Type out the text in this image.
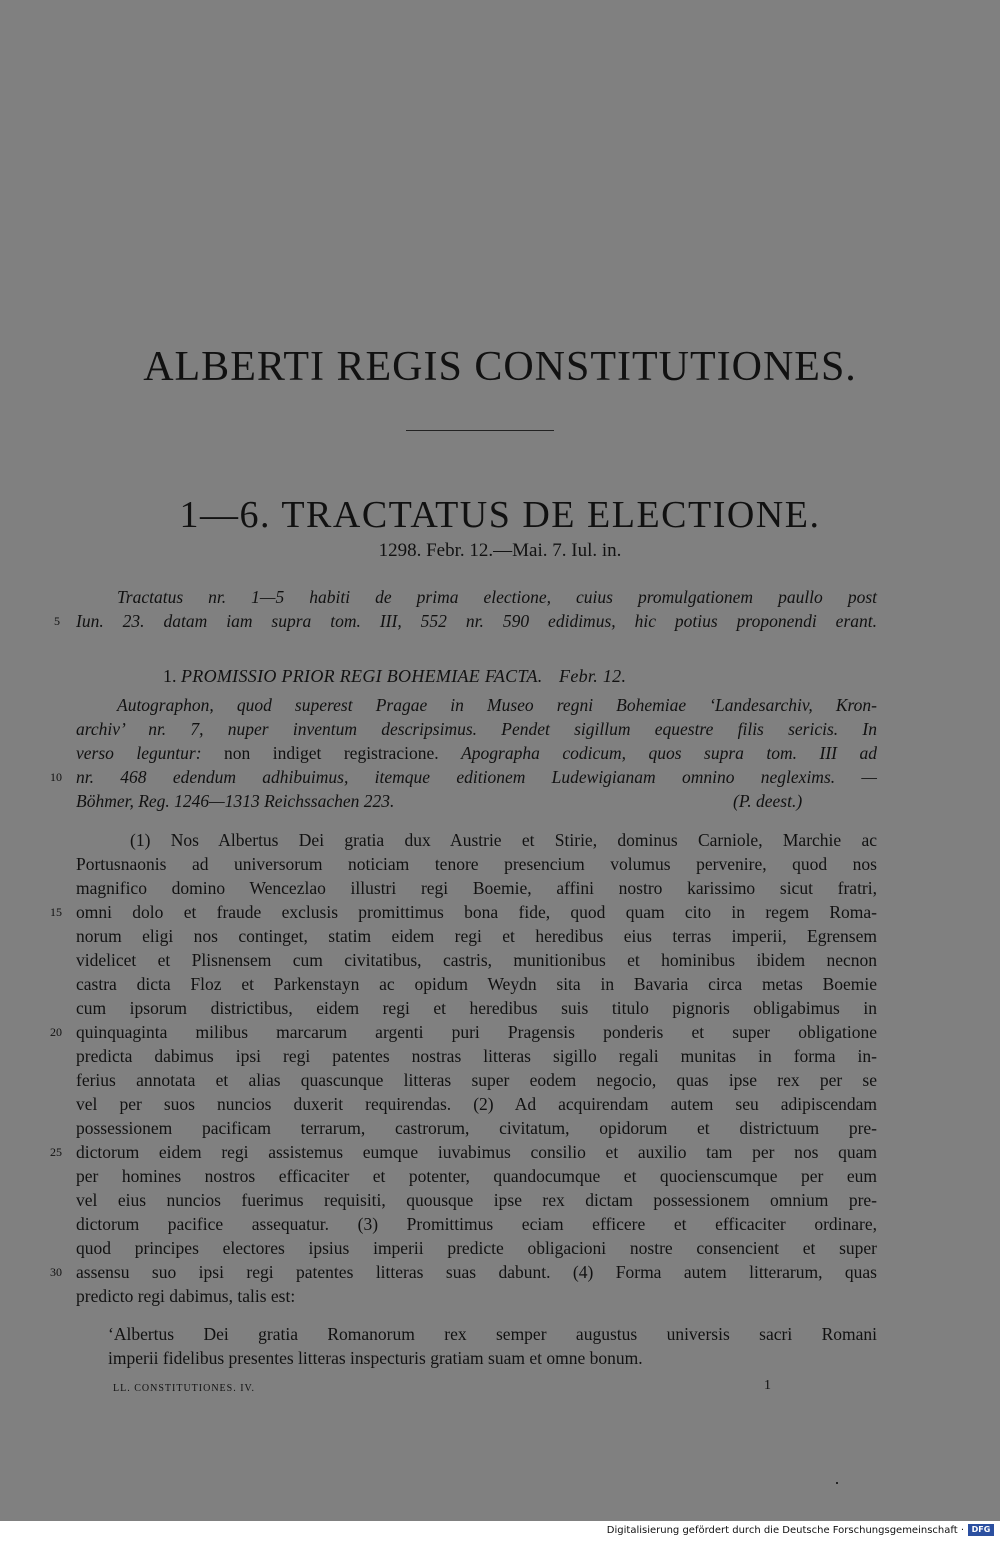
ALBERTI REGIS CONSTITUTIONES.
1—6. TRACTATUS DE ELECTIONE.
1298. Febr. 12.—Mai. 7. Iul. in.
Tractatus nr. 1—5 habiti de prima electione, cuius promulgationem paullo post
Iun. 23. datam iam supra tom. III, 552 nr. 590 edidimus, hic potius proponendi erant.
1. PROMISSIO PRIOR REGI BOHEMIAE FACTA. Febr. 12.
Autographon, quod superest Pragae in Museo regni Bohemiae ‘Landesarchiv, Kron-
archiv’ nr. 7, nuper inventum descripsimus. Pendet sigillum equestre filis sericis. In
verso leguntur: non indiget registracione. Apographa codicum, quos supra tom. III ad
nr. 468 edendum adhibuimus, itemque editionem Ludewigianam omnino neglexims. —
Böhmer, Reg. 1246—1313 Reichssachen 223.	(P. deest.)
(1) Nos Albertus Dei gratia dux Austrie et Stirie, dominus Carniole, Marchie ac
Portusnaonis ad universorum noticiam tenore presencium volumus pervenire, quod nos
magnifico domino Wencezlao illustri regi Boemie, affini nostro karissimo sicut fratri,
omni dolo et fraude exclusis promittimus bona fide, quod quam cito in regem Roma-
norum eligi nos continget, statim eidem regi et heredibus eius terras imperii, Egrensem
videlicet et Plisnensem cum civitatibus, castris, munitionibus et hominibus ibidem necnon
castra dicta Floz et Parkenstayn ac opidum Weydn sita in Bavaria circa metas Boemie
cum ipsorum districtibus, eidem regi et heredibus suis titulo pignoris obligabimus in
quinquaginta milibus marcarum argenti puri Pragensis ponderis et super obligatione
predicta dabimus ipsi regi patentes nostras litteras sigillo regali munitas in forma in-
ferius annotata et alias quascunque litteras super eodem negocio, quas ipse rex per se
vel per suos nuncios duxerit requirendas. (2) Ad acquirendam autem seu adipiscendam
possessionem pacificam terrarum, castrorum, civitatum, opidorum et districtuum pre-
dictorum eidem regi assistemus eumque iuvabimus consilio et auxilio tam per nos quam
per homines nostros efficaciter et potenter, quandocumque et quocienscumque per eum
vel eius nuncios fuerimus requisiti, quousque ipse rex dictam possessionem omnium pre-
dictorum pacifice assequatur. (3) Promittimus eciam efficere et efficaciter ordinare,
quod principes electores ipsius imperii predicte obligacioni nostre consencient et super
assensu suo ipsi regi patentes litteras suas dabunt. (4) Forma autem litterarum, quas
predicto regi dabimus, talis est:
‘Albertus Dei gratia Romanorum rex semper augustus universis sacri Romani
imperii fidelibus presentes litteras inspecturis gratiam suam et omne bonum.
5
10
15
20
25
30
LL. CONSTITUTIONES. IV.	1
Digitalisierung gefördert durch die Deutsche Forschungsgemeinschaft · DFG
